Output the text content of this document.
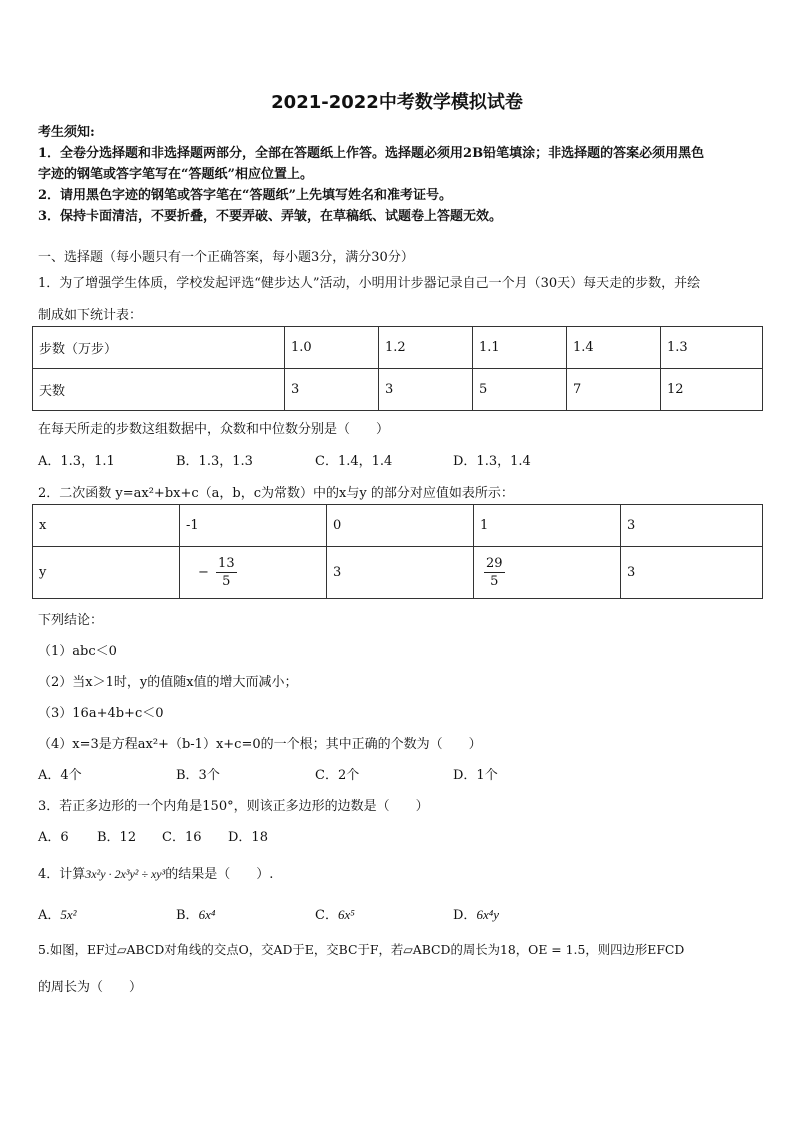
2021-2022中考数学模拟试卷
考生须知:
1．全卷分选择题和非选择题两部分，全部在答题纸上作答。选择题必须用2B铅笔填涂；非选择题的答案必须用黑色
字迹的钢笔或答字笔写在“答题纸”相应位置上。
2．请用黑色字迹的钢笔或答字笔在“答题纸”上先填写姓名和准考证号。
3．保持卡面清洁，不要折叠，不要弄破、弄皱，在草稿纸、试题卷上答题无效。
一、选择题（每小题只有一个正确答案，每小题3分，满分30分）
1．为了增强学生体质，学校发起评选“健步达人”活动，小明用计步器记录自己一个月（30天）每天走的步数，并绘
制成如下统计表：
步数（万步）	1.0	1.2	1.1	1.4	1.3
天数	3	3	5	7	12
在每天所走的步数这组数据中，众数和中位数分别是（　　）
A．1.3，1.1	B．1.3，1.3	C．1.4，1.4	D．1.3，1.4
2．二次函数 y=ax²+bx+c（a，b，c为常数）中的x与y 的部分对应值如表所示：
x	-1	0	1	3
y	− $\frac{13}{5}$	3	$\frac{29}{5}$	3
下列结论：
（1）abc＜0
（2）当x＞1时，y的值随x值的增大而减小；
（3）16a+4b+c＜0
（4）x=3是方程ax²+（b-1）x+c=0的一个根；其中正确的个数为（　　）
A．4个	B．3个	C．2个	D．1个
3．若正多边形的一个内角是150°，则该正多边形的边数是（　　）
A．6 B．12 C．16 D．18
4．计算3x²y · 2x³y² ÷ xy³的结果是（　　）.
A．5x²	B．6x⁴	C．6x⁵	D．6x⁴y
5.如图，EF过▱ABCD对角线的交点O，交AD于E，交BC于F，若▱ABCD的周长为18，OE = 1.5，则四边形EFCD
的周长为（　　）
